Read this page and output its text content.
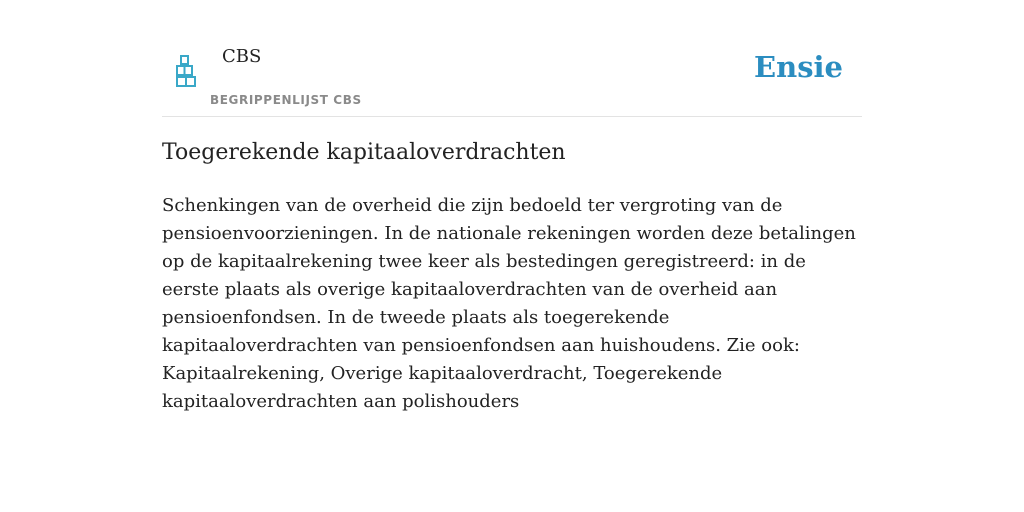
CBS
BEGRIPPENLIJST CBS
Ensie
Toegerekende kapitaaloverdrachten

Schenkingen van de overheid die zijn bedoeld ter vergroting van de pensioenvoorzieningen. In de nationale rekeningen worden deze betalingen op de kapitaalrekening twee keer als bestedingen geregistreerd: in de eerste plaats als overige kapitaaloverdrachten van de overheid aan pensioenfondsen. In de tweede plaats als toegerekende kapitaaloverdrachten van pensioenfondsen aan huishoudens. Zie ook: Kapitaalrekening, Overige kapitaaloverdracht, Toegerekende kapitaaloverdrachten aan polishouders
